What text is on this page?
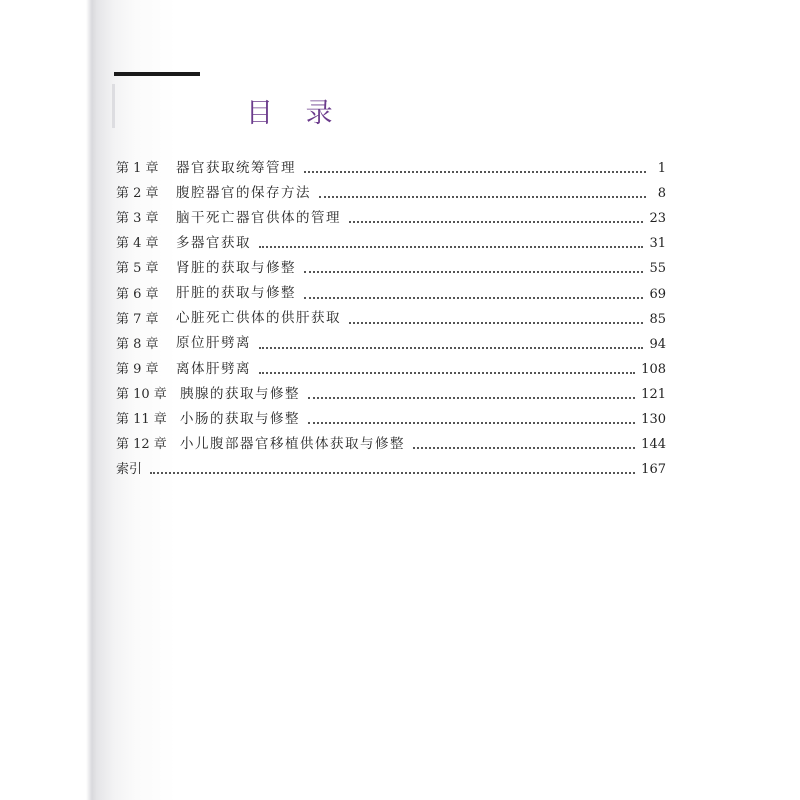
目 录
第 1 章	器官获取统筹管理	1
第 2 章	腹腔器官的保存方法	8
第 3 章	脑干死亡器官供体的管理	23
第 4 章	多器官获取	31
第 5 章	肾脏的获取与修整	55
第 6 章	肝脏的获取与修整	69
第 7 章	心脏死亡供体的供肝获取	85
第 8 章	原位肝劈离	94
第 9 章	离体肝劈离	108
第 10 章 胰腺的获取与修整	121
第 11 章 小肠的获取与修整	130
第 12 章 小儿腹部器官移植供体获取与修整	144
索引	167
